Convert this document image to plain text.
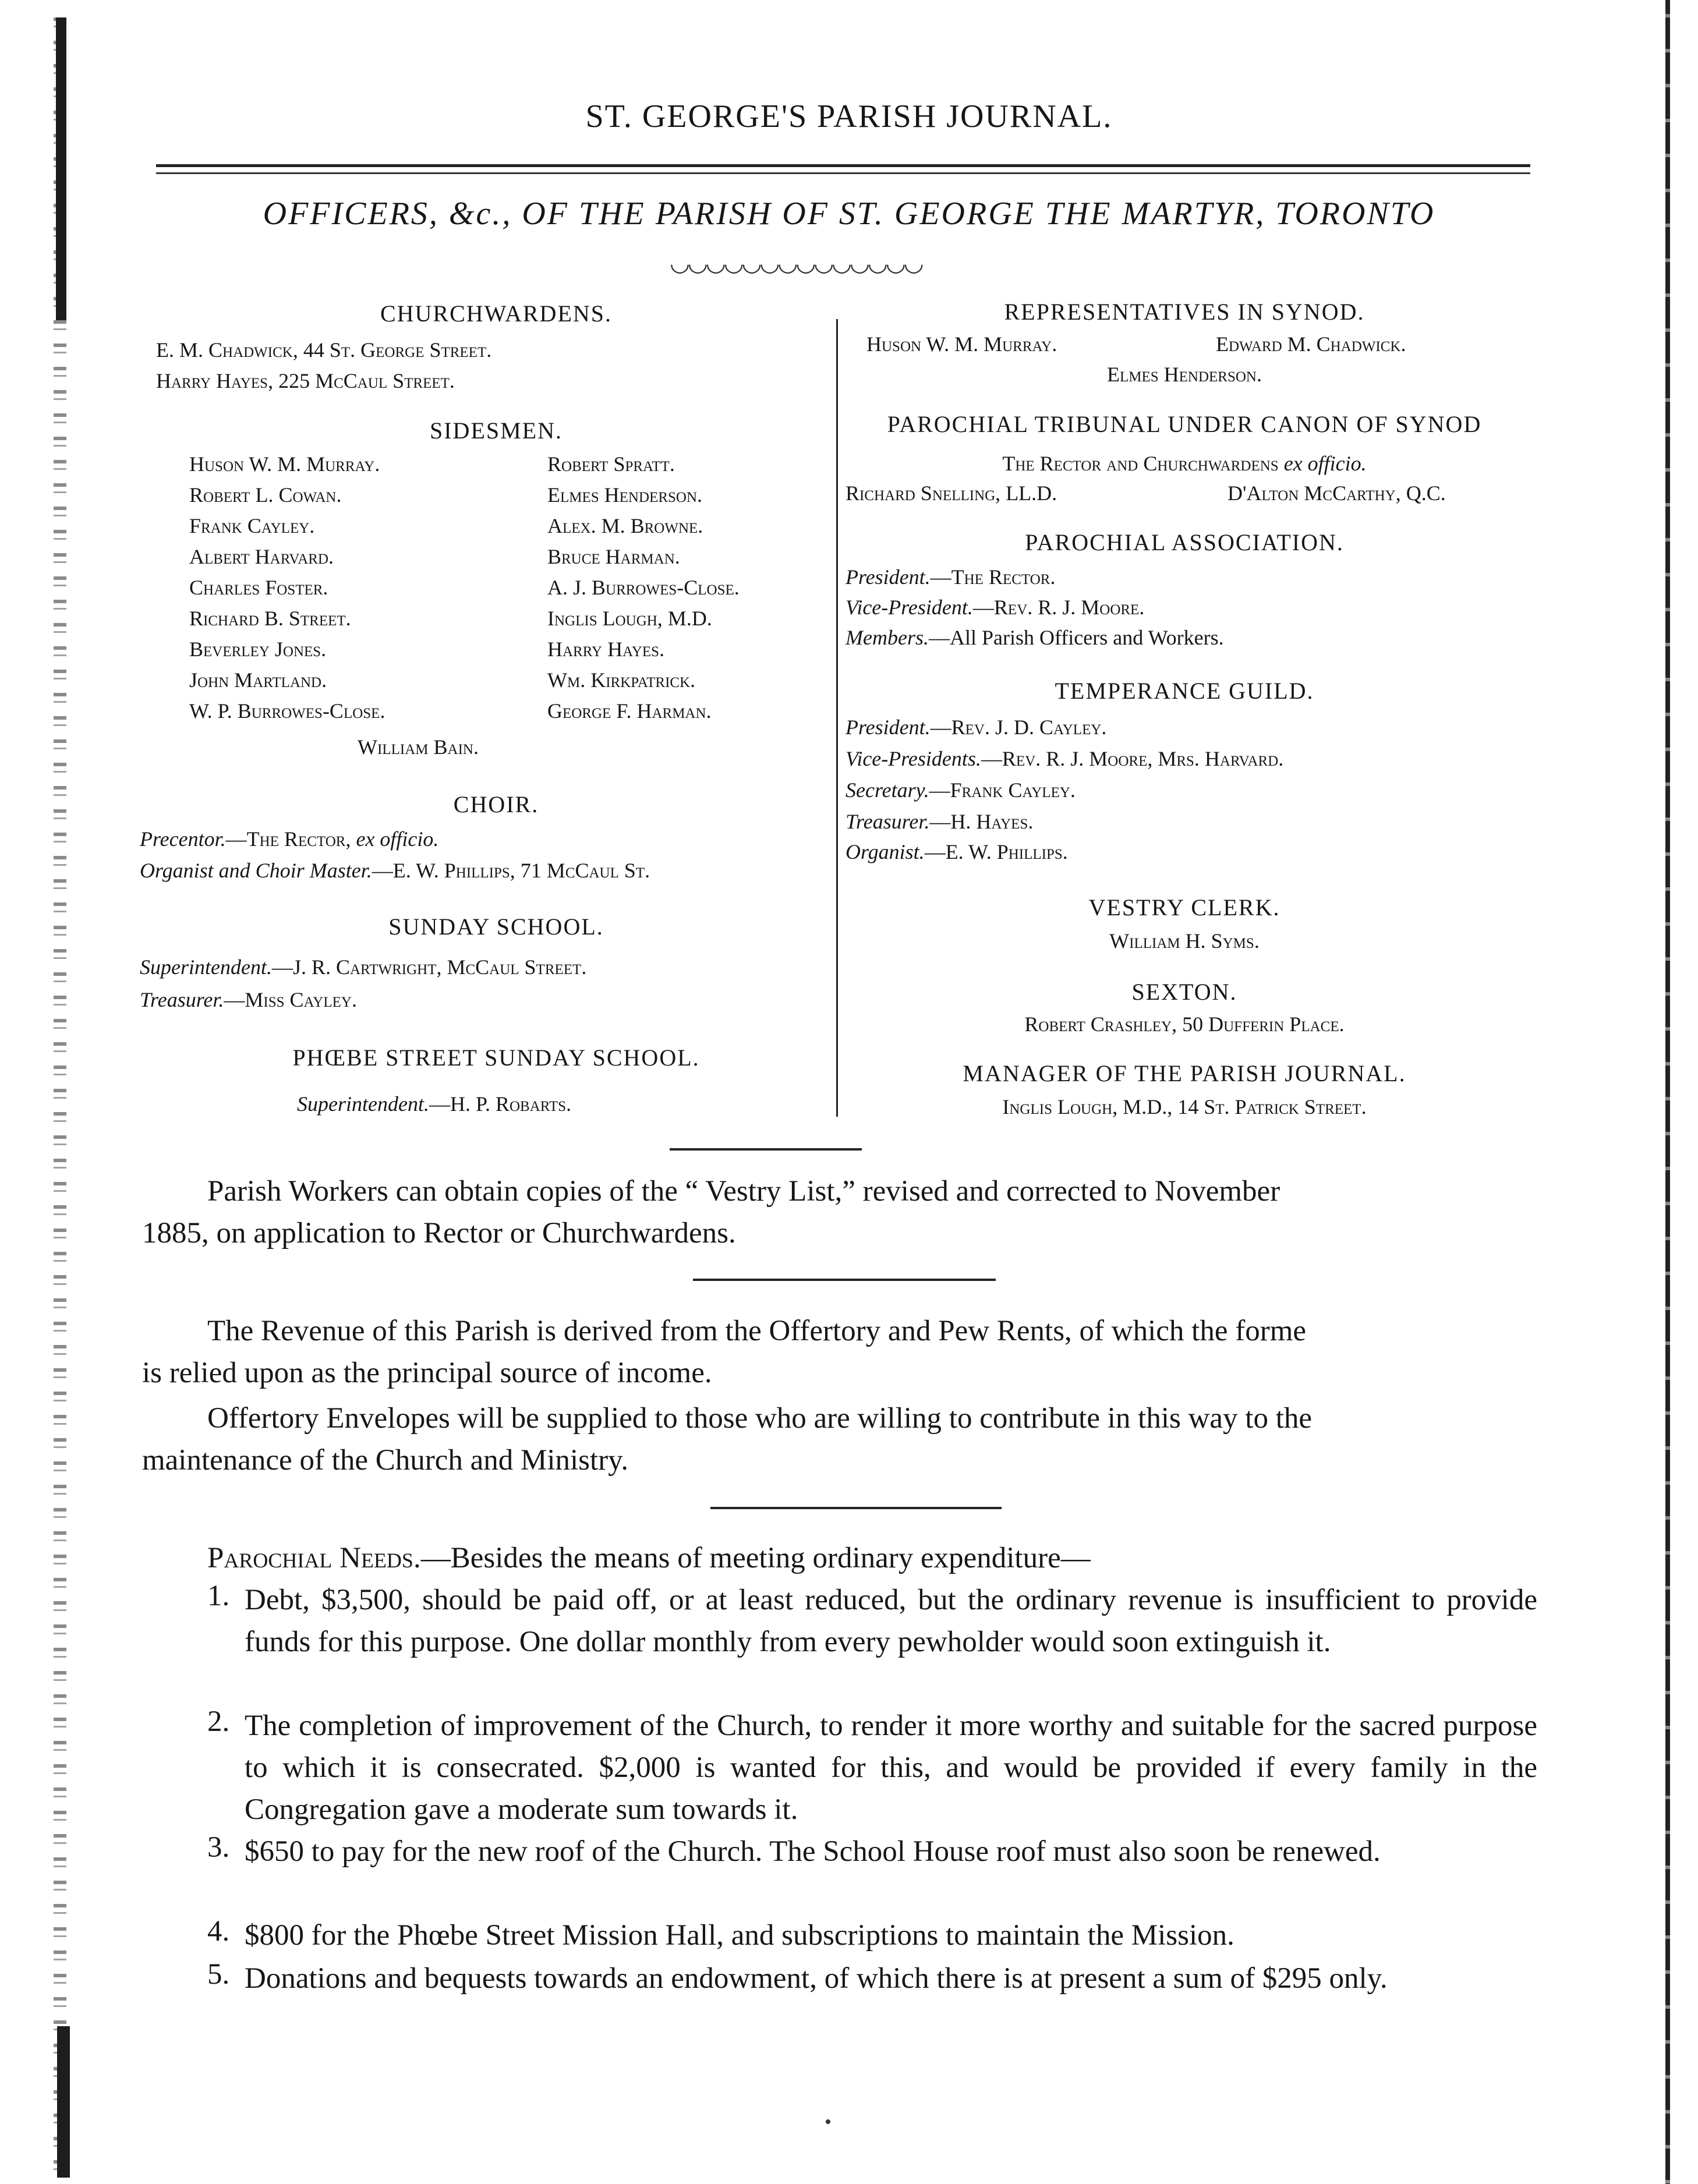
ST. GEORGE'S PARISH JOURNAL.
OFFICERS, &c., OF THE PARISH OF ST. GEORGE THE MARTYR, TORONTO
◡◡◡◡◡◡◡◡◡◡◡◡◡◡
CHURCHWARDENS.
E. M. Chadwick, 44 St. George Street.
Harry Hayes, 225 McCaul Street.
SIDESMEN.
Huson W. M. Murray.
Robert L. Cowan.
Frank Cayley.
Albert Harvard.
Charles Foster.
Richard B. Street.
Beverley Jones.
John Martland.
W. P. Burrowes-Close.
Robert Spratt.
Elmes Henderson.
Alex. M. Browne.
Bruce Harman.
A. J. Burrowes-Close.
Inglis Lough, M.D.
Harry Hayes.
Wm. Kirkpatrick.
George F. Harman.
William Bain.
CHOIR.
Precentor.—The Rector, ex officio.
Organist and Choir Master.—E. W. Phillips, 71 McCaul St.
SUNDAY SCHOOL.
Superintendent.—J. R. Cartwright, McCaul Street.
Treasurer.—Miss Cayley.
PHŒBE STREET SUNDAY SCHOOL.
Superintendent.—H. P. Robarts.
REPRESENTATIVES IN SYNOD.
Huson W. M. Murray.	Edward M. Chadwick.
Elmes Henderson.
PAROCHIAL TRIBUNAL UNDER CANON OF SYNOD
The Rector and Churchwardens ex officio.
Richard Snelling, LL.D.	D'Alton McCarthy, Q.C.
PAROCHIAL ASSOCIATION.
President.—The Rector.
Vice-President.—Rev. R. J. Moore.
Members.—All Parish Officers and Workers.
TEMPERANCE GUILD.
President.—Rev. J. D. Cayley.
Vice-Presidents.—Rev. R. J. Moore, Mrs. Harvard.
Secretary.—Frank Cayley.
Treasurer.—H. Hayes.
Organist.—E. W. Phillips.
VESTRY CLERK.
William H. Syms.
SEXTON.
Robert Crashley, 50 Dufferin Place.
MANAGER OF THE PARISH JOURNAL.
Inglis Lough, M.D., 14 St. Patrick Street.
Parish Workers can obtain copies of the “ Vestry List,” revised and corrected to November
1885, on application to Rector or Churchwardens.
The Revenue of this Parish is derived from the Offertory and Pew Rents, of which the forme
is relied upon as the principal source of income.
Offertory Envelopes will be supplied to those who are willing to contribute in this way to the
maintenance of the Church and Ministry.
Parochial Needs.—Besides the means of meeting ordinary expenditure—
1. Debt, $3,500, should be paid off, or at least reduced, but the ordinary revenue is insufficient to provide funds for this purpose. One dollar monthly from every pewholder would soon extinguish it.
2. The completion of improvement of the Church, to render it more worthy and suitable for the sacred purpose to which it is consecrated. $2,000 is wanted for this, and would be provided if every family in the Congregation gave a moderate sum towards it.
3. $650 to pay for the new roof of the Church. The School House roof must also soon be renewed.
4. $800 for the Phœbe Street Mission Hall, and subscriptions to maintain the Mission.
5. Donations and bequests towards an endowment, of which there is at present a sum of $295 only.
